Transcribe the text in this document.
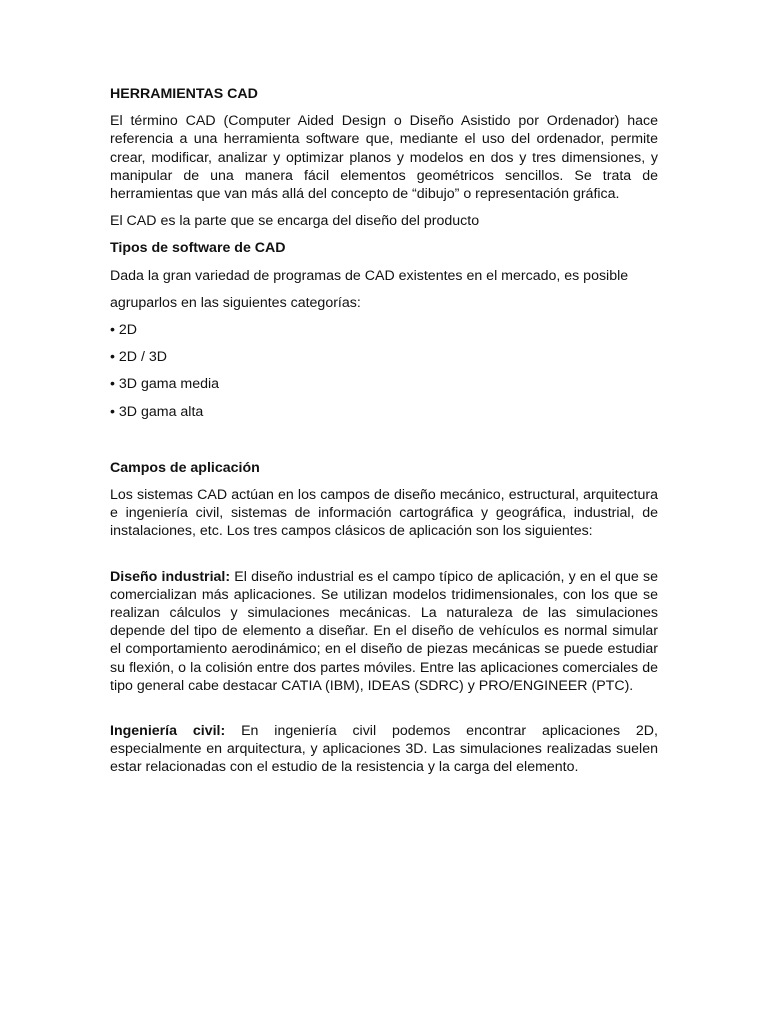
HERRAMIENTAS CAD

El término CAD (Computer Aided Design o Diseño Asistido por Ordenador) hace referencia a una herramienta software que, mediante el uso del ordenador, permite crear, modificar, analizar y optimizar planos y modelos en dos y tres dimensiones, y manipular de una manera fácil elementos geométricos sencillos. Se trata de herramientas que van más allá del concepto de “dibujo” o representación gráfica.

El CAD es la parte que se encarga del diseño del producto

Tipos de software de CAD

Dada la gran variedad de programas de CAD existentes en el mercado, es posible

agruparlos en las siguientes categorías:

• 2D

• 2D / 3D

• 3D gama media

• 3D gama alta

Campos de aplicación

Los sistemas CAD actúan en los campos de diseño mecánico, estructural, arquitectura e ingeniería civil, sistemas de información cartográfica y geográfica, industrial, de instalaciones, etc. Los tres campos clásicos de aplicación son los siguientes:

Diseño industrial: El diseño industrial es el campo típico de aplicación, y en el que se comercializan más aplicaciones. Se utilizan modelos tridimensionales, con los que se realizan cálculos y simulaciones mecánicas. La naturaleza de las simulaciones depende del tipo de elemento a diseñar. En el diseño de vehículos es normal simular el comportamiento aerodinámico; en el diseño de piezas mecánicas se puede estudiar su flexión, o la colisión entre dos partes móviles. Entre las aplicaciones comerciales de tipo general cabe destacar CATIA (IBM), IDEAS (SDRC) y PRO/ENGINEER (PTC).

Ingeniería civil: En ingeniería civil podemos encontrar aplicaciones 2D, especialmente en arquitectura, y aplicaciones 3D. Las simulaciones realizadas suelen estar relacionadas con el estudio de la resistencia y la carga del elemento.
